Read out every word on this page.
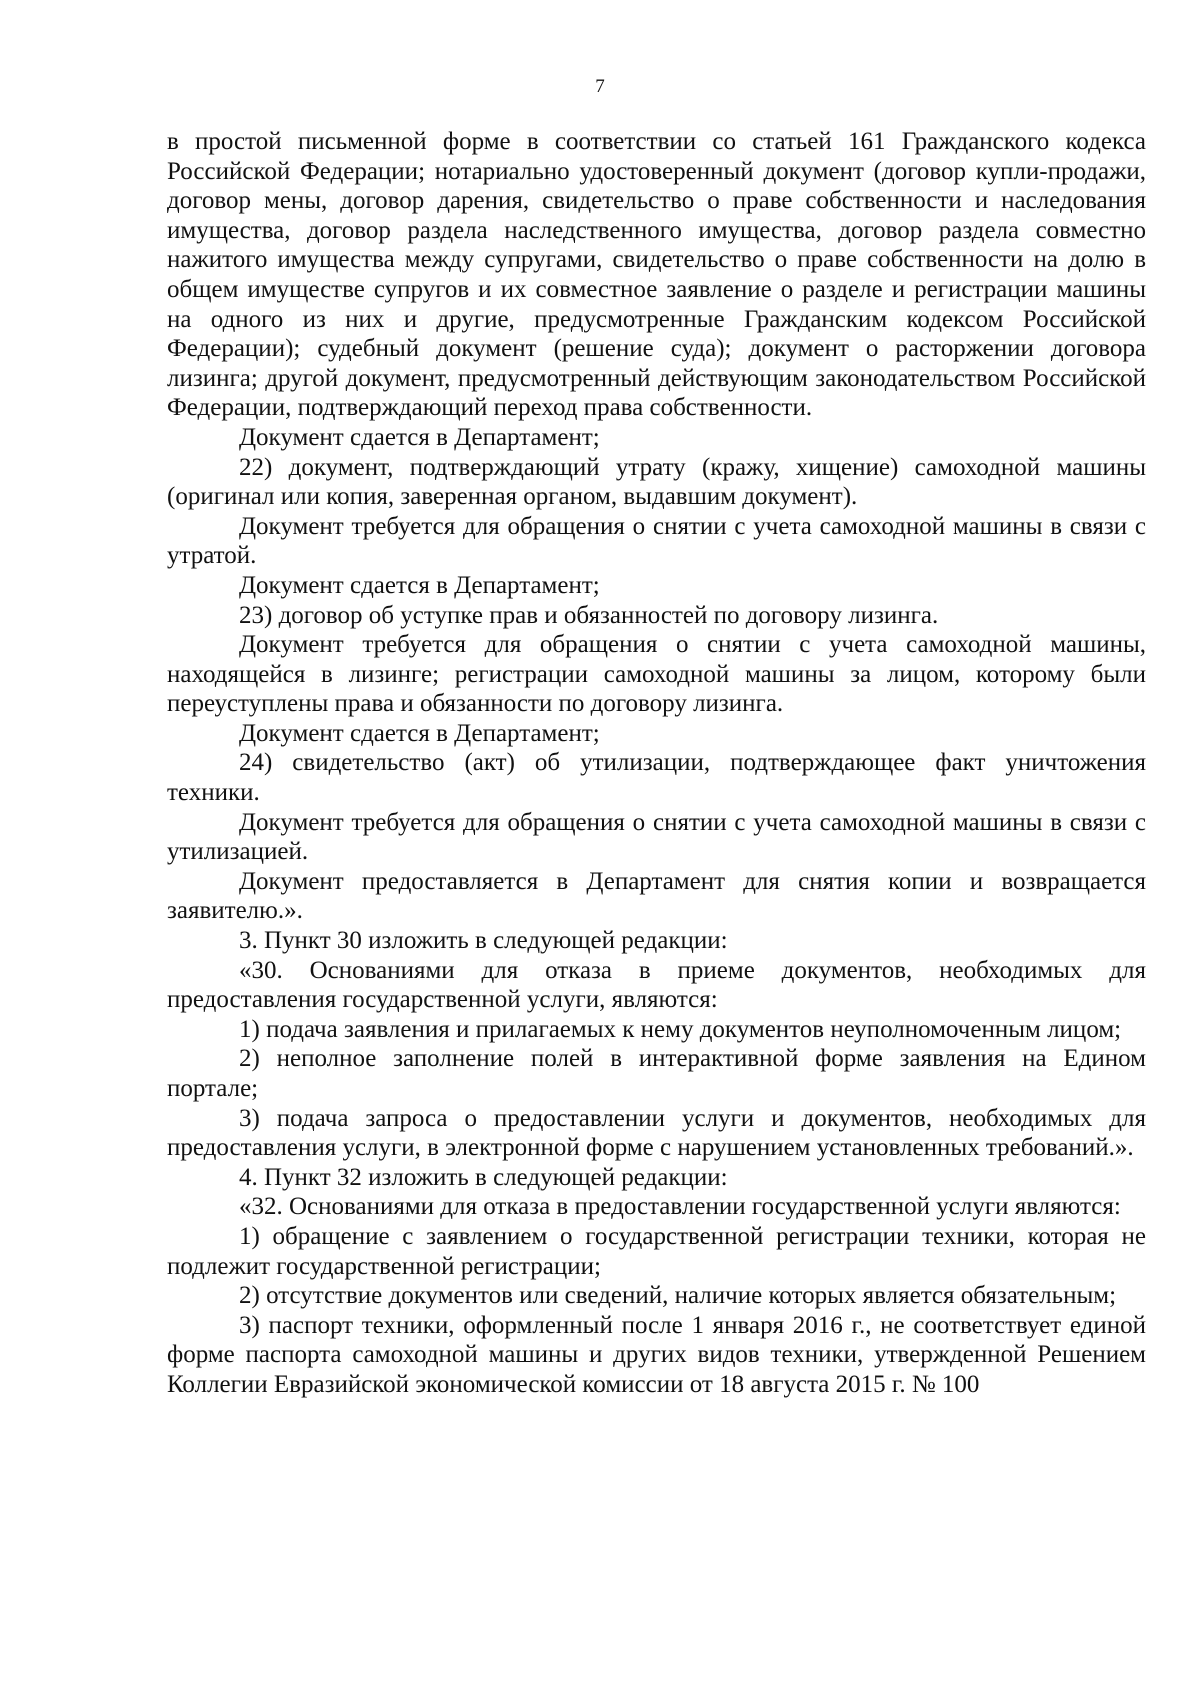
7

в простой письменной форме в соответствии со статьей 161 Гражданского кодекса Российской Федерации; нотариально удостоверенный документ (договор купли-продажи, договор мены, договор дарения, свидетельство о праве собственности и наследования имущества, договор раздела наследственного имущества, договор раздела совместно нажитого имущества между супругами, свидетельство о праве собственности на долю в общем имуществе супругов и их совместное заявление о разделе и регистрации машины на одного из них и другие, предусмотренные Гражданским кодексом Российской Федерации); судебный документ (решение суда); документ о расторжении договора лизинга; другой документ, предусмотренный действующим законодательством Российской Федерации, подтверждающий переход права собственности.

Документ сдается в Департамент;

22) документ, подтверждающий утрату (кражу, хищение) самоходной машины (оригинал или копия, заверенная органом, выдавшим документ).

Документ требуется для обращения о снятии с учета самоходной машины в связи с утратой.

Документ сдается в Департамент;

23) договор об уступке прав и обязанностей по договору лизинга.

Документ требуется для обращения о снятии с учета самоходной машины, находящейся в лизинге; регистрации самоходной машины за лицом, которому были переуступлены права и обязанности по договору лизинга.

Документ сдается в Департамент;

24) свидетельство (акт) об утилизации, подтверждающее факт уничтожения техники.

Документ требуется для обращения о снятии с учета самоходной машины в связи с утилизацией.

Документ предоставляется в Департамент для снятия копии и возвращается заявителю.».

3. Пункт 30 изложить в следующей редакции:

«30. Основаниями для отказа в приеме документов, необходимых для предоставления государственной услуги, являются:

1) подача заявления и прилагаемых к нему документов неуполномоченным лицом;

2) неполное заполнение полей в интерактивной форме заявления на Едином портале;

3) подача запроса о предоставлении услуги и документов, необходимых для предоставления услуги, в электронной форме с нарушением установленных требований.».

4. Пункт 32 изложить в следующей редакции:

«32. Основаниями для отказа в предоставлении государственной услуги являются:

1) обращение с заявлением о государственной регистрации техники, которая не подлежит государственной регистрации;

2) отсутствие документов или сведений, наличие которых является обязательным;

3) паспорт техники, оформленный после 1 января 2016 г., не соответствует единой форме паспорта самоходной машины и других видов техники, утвержденной Решением Коллегии Евразийской экономической комиссии от 18 августа 2015 г. № 100
